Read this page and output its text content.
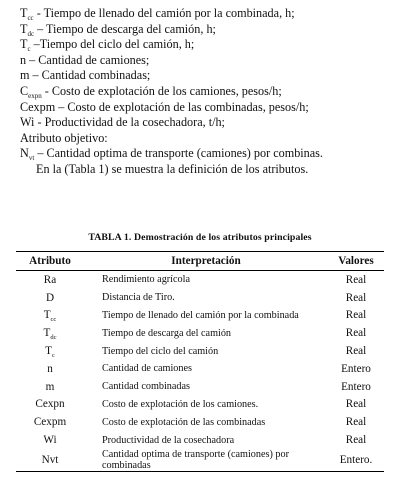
$T_{cc}$ - Tiempo de llenado del camión por la combinada, h;
$T_{dc}$ – Tiempo de descarga del camión, h;
$T_c$ –Tiempo del ciclo del camión, h;
n – Cantidad de camiones;
m – Cantidad combinadas;
$C_{expn}$ - Costo de explotación de los camiones, pesos/h;
Cexpm – Costo de explotación de las combinadas, pesos/h;
Wi - Productividad de la cosechadora, t/h;
Atributo objetivo:
$N_{vt}$ – Cantidad optima de transporte (camiones) por combinas.
En la (Tabla 1) se muestra la definición de los atributos.
TABLA 1. Demostración de los atributos principales
Atributo	Interpretación	Valores
Ra	Rendimiento agrícola	Real
D	Distancia de Tiro.	Real
$T_{cc}$	Tiempo de llenado del camión por la combinada	Real
$T_{dc}$	Tiempo de descarga del camión	Real
$T_c$	Tiempo del ciclo del camión	Real
n	Cantidad de camiones	Entero
m	Cantidad combinadas	Entero
Cexpn	Costo de explotación de los camiones.	Real
Cexpm	Costo de explotación de las combinadas	Real
Wi	Productividad de la cosechadora	Real
Nvt	Cantidad optima de transporte (camiones) por combinadas	Entero.
